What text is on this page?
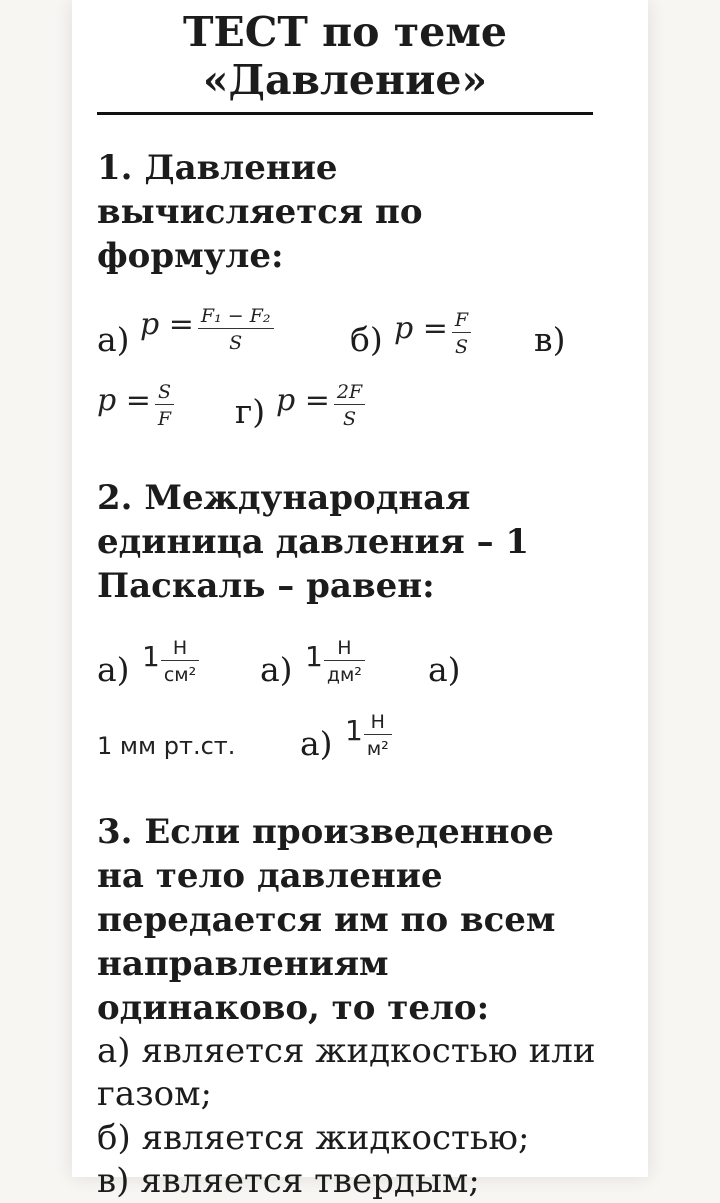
ТЕСТ по теме
«Давление»
1. Давление вычисляется по формуле:
а) $p = \frac{\text{F₁ − F₂}}{S} б$) $p = \frac{F}{S} в$)
$p = \frac{S}{F} г$) $p = \frac{2F}{S}$
2. Международная единица давления – 1 Паскаль – равен:
а) $1 \frac{Н}{\text{см²}} а$) $1 \frac{Н}{\text{дм²}} а$)
1 мм рт.ст. а) $1 \frac{Н}{\text{м²}}$
3. Если произведенное на тело давление передается им по всем направлениям одинаково, то тело:
а) является жидкостью или газом;
б) является жидкостью;
в) является твердым;
